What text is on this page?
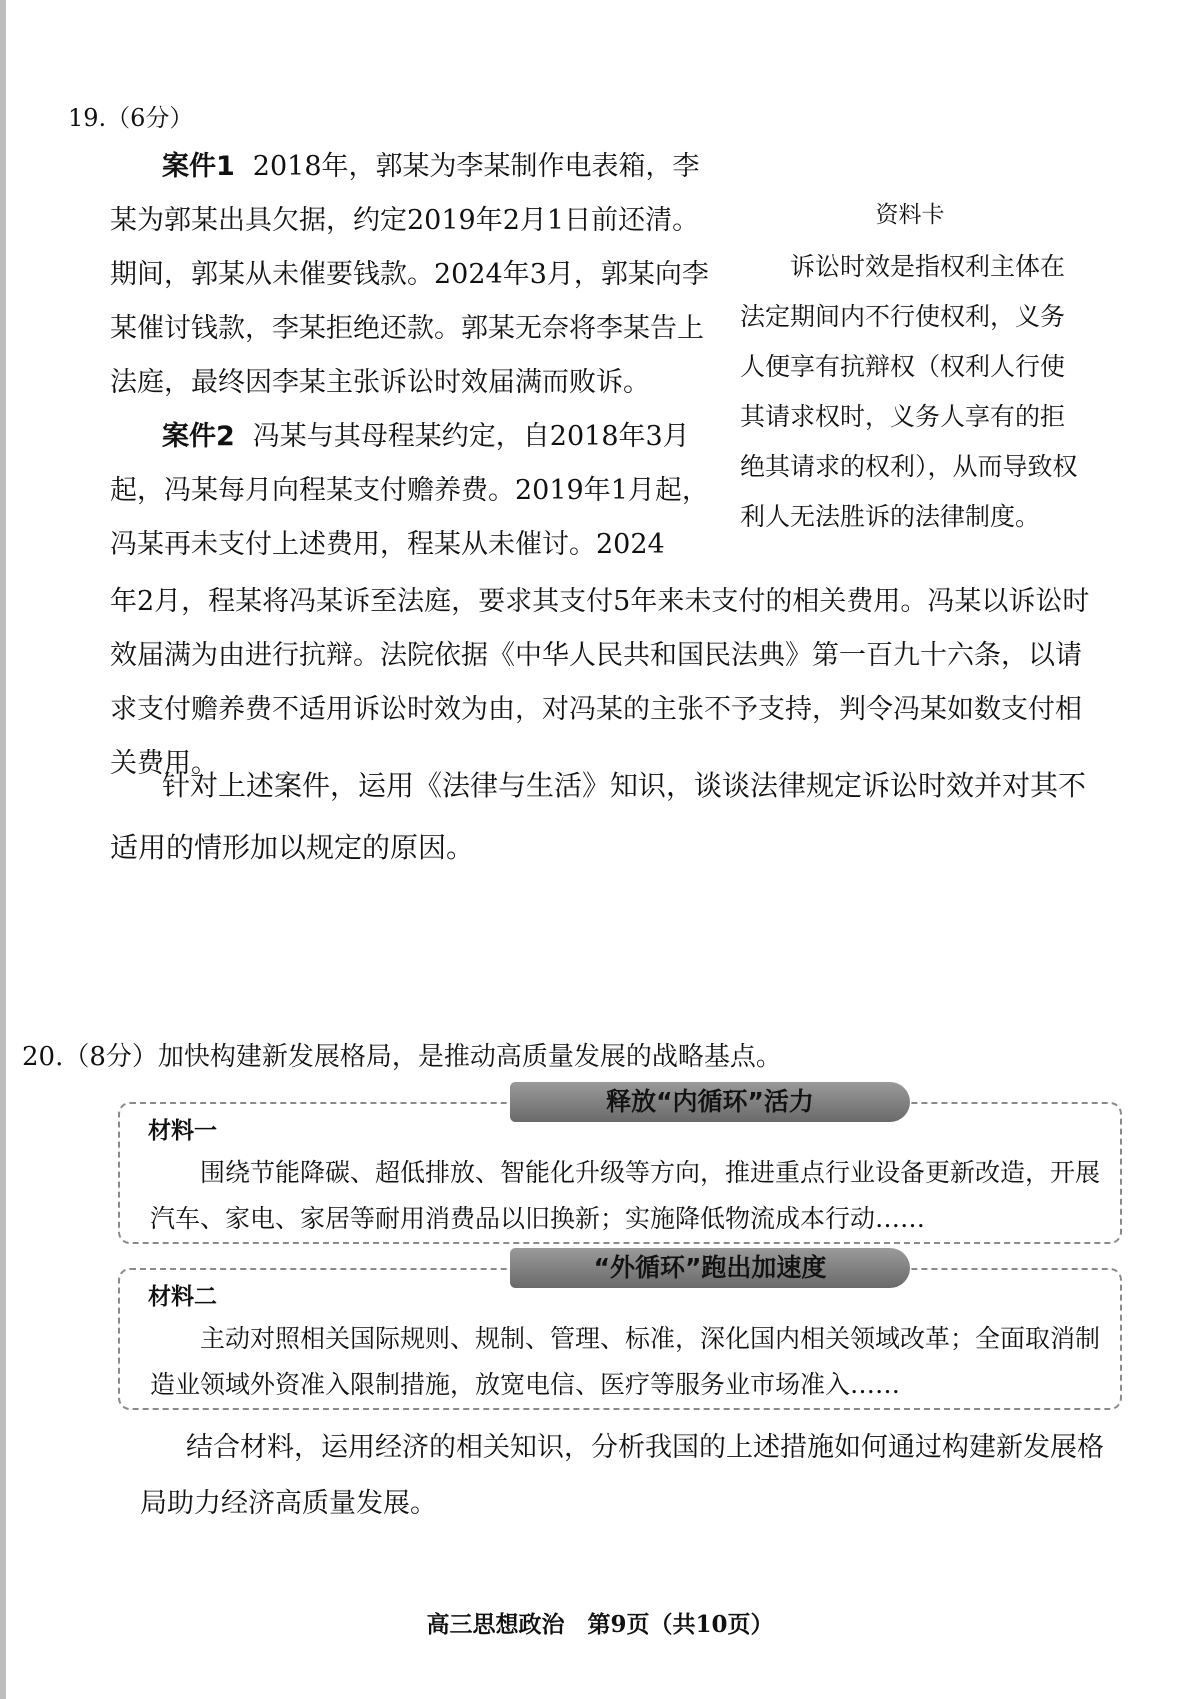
19.（6分）

案件1 2018年，郭某为李某制作电表箱，李某为郭某出具欠据，约定2019年2月1日前还清。期间，郭某从未催要钱款。2024年3月，郭某向李某催讨钱款，李某拒绝还款。郭某无奈将李某告上法庭，最终因李某主张诉讼时效届满而败诉。

案件2 冯某与其母程某约定，自2018年3月起，冯某每月向程某支付赡养费。2019年1月起，冯某再未支付上述费用，程某从未催讨。2024

资料卡

诉讼时效是指权利主体在法定期间内不行使权利，义务人便享有抗辩权（权利人行使其请求权时，义务人享有的拒绝其请求的权利），从而导致权利人无法胜诉的法律制度。

年2月，程某将冯某诉至法庭，要求其支付5年来未支付的相关费用。冯某以诉讼时效届满为由进行抗辩。法院依据《中华人民共和国民法典》第一百九十六条，以请求支付赡养费不适用诉讼时效为由，对冯某的主张不予支持，判令冯某如数支付相关费用。

针对上述案件，运用《法律与生活》知识，谈谈法律规定诉讼时效并对其不适用的情形加以规定的原因。

20.（8分）加快构建新发展格局，是推动高质量发展的战略基点。

释放“内循环”活力
材料一

围绕节能降碳、超低排放、智能化升级等方向，推进重点行业设备更新改造，开展汽车、家电、家居等耐用消费品以旧换新；实施降低物流成本行动……

“外循环”跑出加速度
材料二

主动对照相关国际规则、规制、管理、标准，深化国内相关领域改革；全面取消制造业领域外资准入限制措施，放宽电信、医疗等服务业市场准入……

结合材料，运用经济的相关知识，分析我国的上述措施如何通过构建新发展格局助力经济高质量发展。

高三思想政治　第9页（共10页）
